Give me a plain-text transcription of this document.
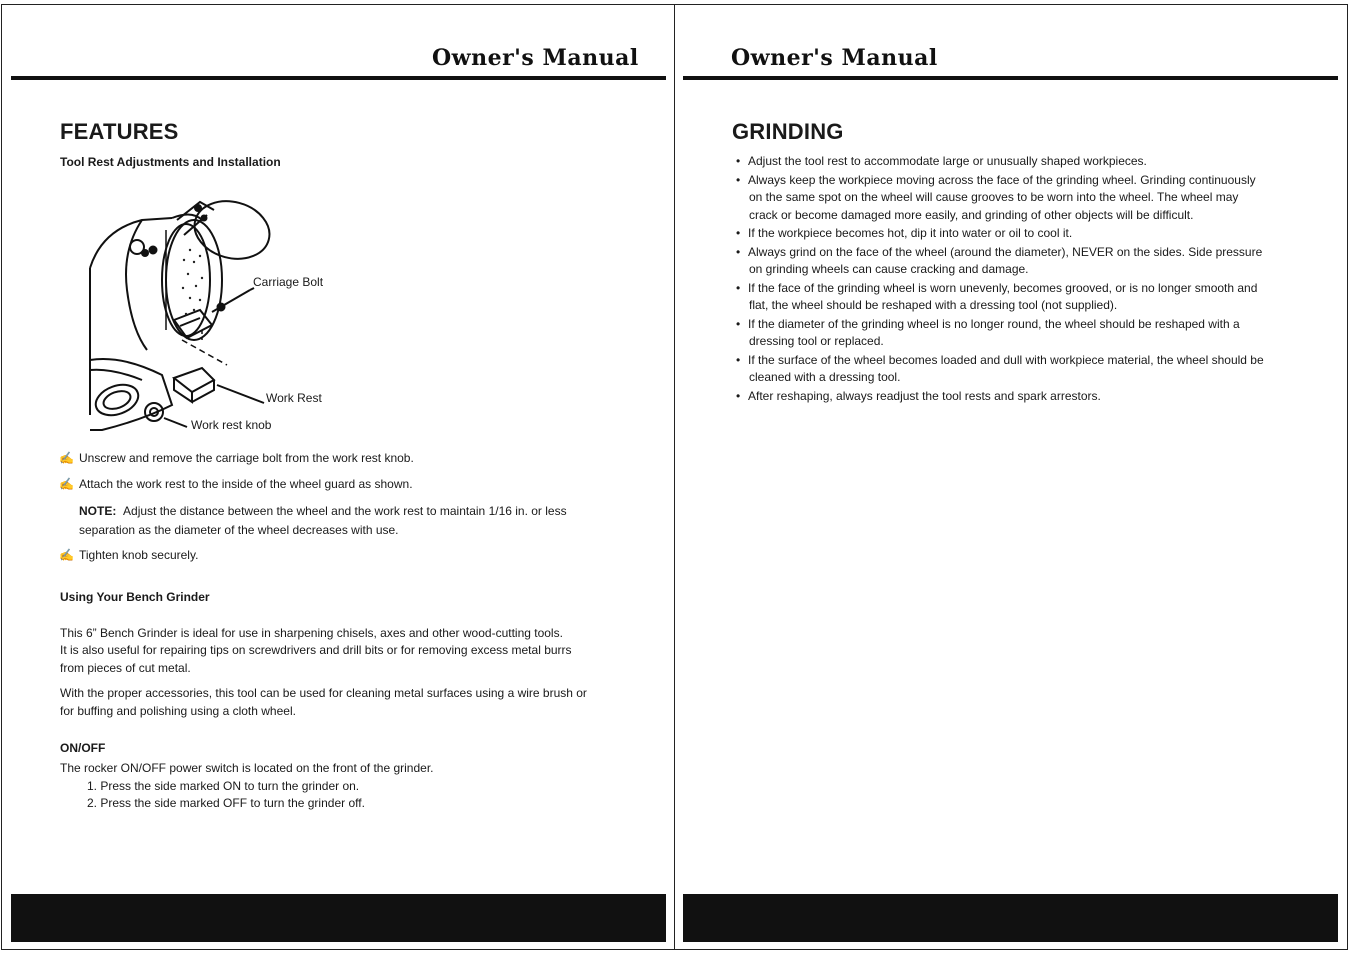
Owner's Manual
FEATURES
Tool Rest Adjustments and Installation
Carriage Bolt
Work Rest
Work rest knob
✍ Unscrew and remove the carriage bolt from the work rest knob.
✍ Attach the work rest to the inside of the wheel guard as shown.
NOTE: Adjust the distance between the wheel and the work rest to maintain 1/16 in. or less
separation as the diameter of the wheel decreases with use.
✍ Tighten knob securely.
Using Your Bench Grinder
This 6” Bench Grinder is ideal for use in sharpening chisels, axes and other wood-cutting tools.
It is also useful for repairing tips on screwdrivers and drill bits or for removing excess metal burrs
from pieces of cut metal.
With the proper accessories, this tool can be used for cleaning metal surfaces using a wire brush or
for buffing and polishing using a cloth wheel.
ON/OFF
The rocker ON/OFF power switch is located on the front of the grinder.
1. Press the side marked ON to turn the grinder on.
2. Press the side marked OFF to turn the grinder off.
Owner's Manual
GRINDING
• Adjust the tool rest to accommodate large or unusually shaped workpieces.
• Always keep the workpiece moving across the face of the grinding wheel. Grinding continuously
on the same spot on the wheel will cause grooves to be worn into the wheel. The wheel may
crack or become damaged more easily, and grinding of other objects will be difficult.
• If the workpiece becomes hot, dip it into water or oil to cool it.
• Always grind on the face of the wheel (around the diameter), NEVER on the sides. Side pressure
on grinding wheels can cause cracking and damage.
• If the face of the grinding wheel is worn unevenly, becomes grooved, or is no longer smooth and
flat, the wheel should be reshaped with a dressing tool (not supplied).
• If the diameter of the grinding wheel is no longer round, the wheel should be reshaped with a
dressing tool or replaced.
• If the surface of the wheel becomes loaded and dull with workpiece material, the wheel should be
cleaned with a dressing tool.
• After reshaping, always readjust the tool rests and spark arrestors.
